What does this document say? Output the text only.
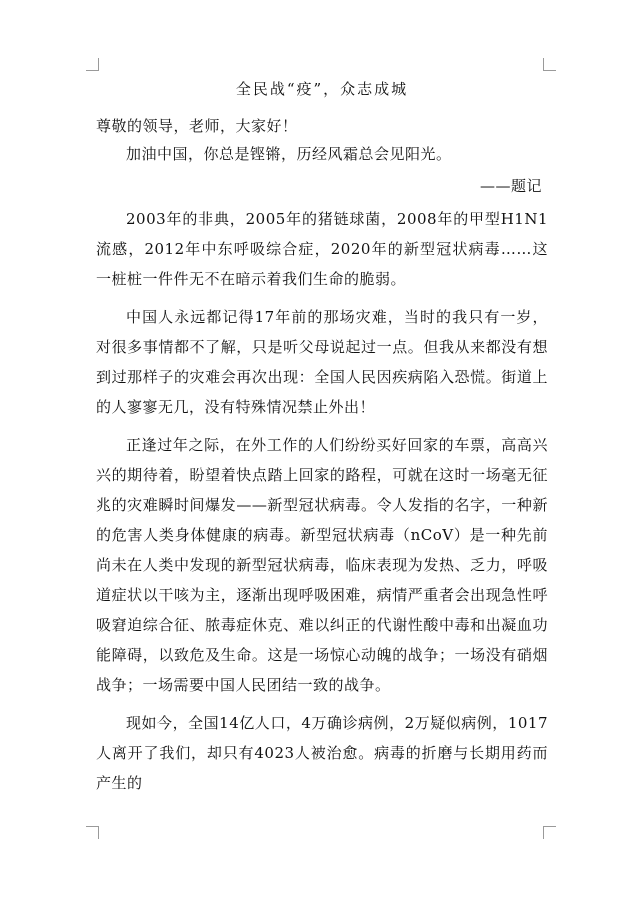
全民战“疫”，众志成城

尊敬的领导，老师，大家好！

加油中国，你总是铿锵，历经风霜总会见阳光。

——题记

2003年的非典，2005年的猪链球菌，2008年的甲型H1N1流感，2012年中东呼吸综合症，2020年的新型冠状病毒……这一桩桩一件件无不在暗示着我们生命的脆弱。

中国人永远都记得17年前的那场灾难，当时的我只有一岁，对很多事情都不了解，只是听父母说起过一点。但我从来都没有想到过那样子的灾难会再次出现：全国人民因疾病陷入恐慌。街道上的人寥寥无几，没有特殊情况禁止外出！

正逢过年之际，在外工作的人们纷纷买好回家的车票，高高兴兴的期待着，盼望着快点踏上回家的路程，可就在这时一场毫无征兆的灾难瞬时间爆发——新型冠状病毒。令人发指的名字，一种新的危害人类身体健康的病毒。新型冠状病毒（nCoV）是一种先前尚未在人类中发现的新型冠状病毒，临床表现为发热、乏力，呼吸道症状以干咳为主，逐渐出现呼吸困难，病情严重者会出现急性呼吸窘迫综合征、脓毒症休克、难以纠正的代谢性酸中毒和出凝血功能障碍，以致危及生命。这是一场惊心动魄的战争；一场没有硝烟战争；一场需要中国人民团结一致的战争。

现如今，全国14亿人口，4万确诊病例，2万疑似病例，1017人离开了我们，却只有4023人被治愈。病毒的折磨与长期用药而产生的
